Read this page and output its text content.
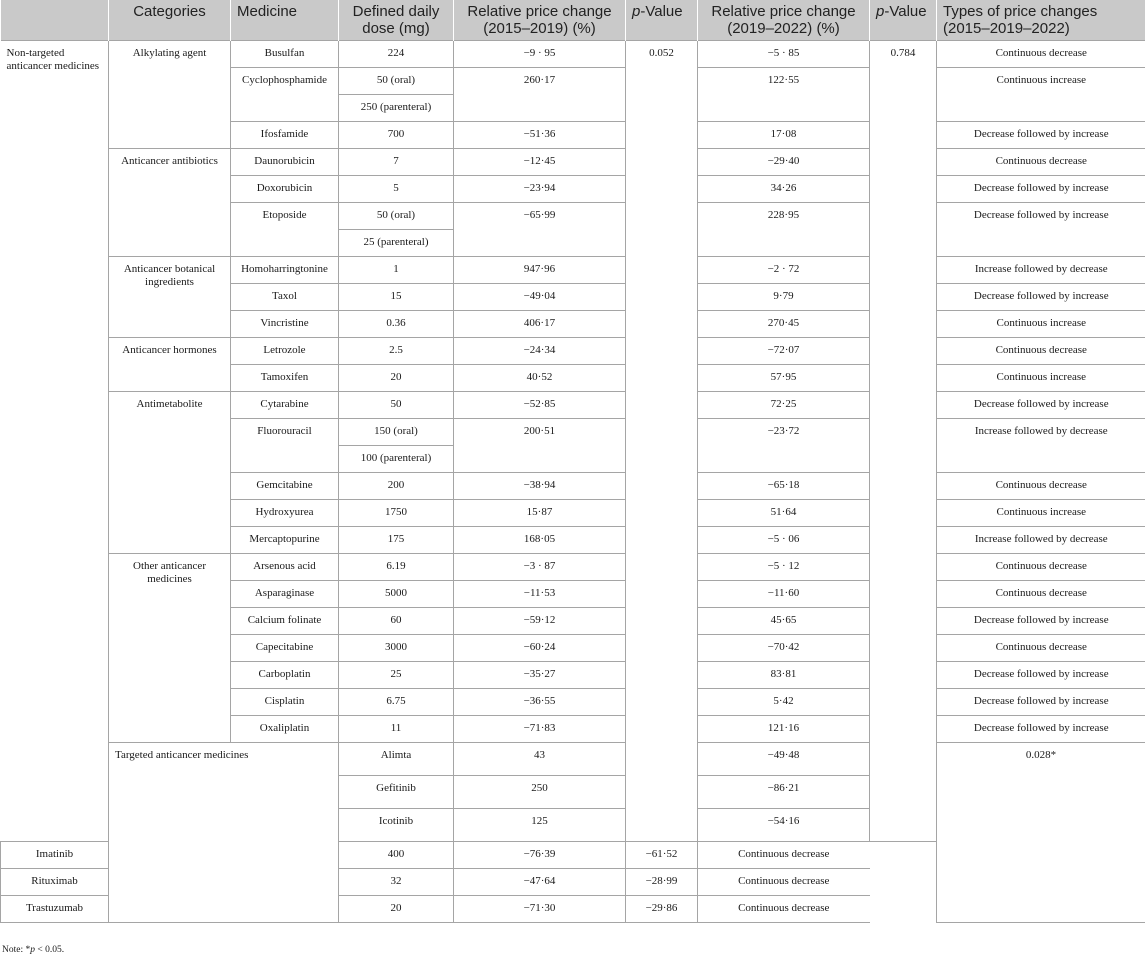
	Categories	Medicine	Defined daily dose (mg)	Relative price change (2015–2019) (%)	p-Value	Relative price change (2019–2022) (%)	p-Value	Types of price changes (2015–2019–2022)	
Non-targeted anticancer medicines	Alkylating agent	Busulfan	224	−9 · 95	0.052	−5 · 85	0.784	Continuous decrease	
		Cyclophosphamide	50 (oral)	260·17		122·55		Continuous increase	
			250 (parenteral)						
		Ifosfamide	700	−51·36		17·08		Decrease followed by increase	
	Anticancer antibiotics	Daunorubicin	7	−12·45		−29·40		Continuous decrease	
		Doxorubicin	5	−23·94		34·26		Decrease followed by increase	
		Etoposide	50 (oral)	−65·99		228·95		Decrease followed by increase	
			25 (parenteral)						
	Anticancer botanical ingredients	Homoharringtonine	1	947·96		−2 · 72		Increase followed by decrease	
		Taxol	15	−49·04		9·79		Decrease followed by increase	
		Vincristine	0.36	406·17		270·45		Continuous increase	
	Anticancer hormones	Letrozole	2.5	−24·34		−72·07		Continuous decrease	
		Tamoxifen	20	40·52		57·95		Continuous increase	
	Antimetabolite	Cytarabine	50	−52·85		72·25		Decrease followed by increase	
		Fluorouracil	150 (oral)	200·51		−23·72		Increase followed by decrease	
			100 (parenteral)						
		Gemcitabine	200	−38·94		−65·18		Continuous decrease	
		Hydroxyurea	1750	15·87		51·64		Continuous increase	
		Mercaptopurine	175	168·05		−5 · 06		Increase followed by decrease	
	Other anticancer medicines	Arsenous acid	6.19	−3 · 87		−5 · 12		Continuous decrease	
		Asparaginase	5000	−11·53		−11·60		Continuous decrease	
		Calcium folinate	60	−59·12		45·65		Decrease followed by increase	
		Capecitabine	3000	−60·24		−70·42		Continuous decrease	
		Carboplatin	25	−35·27		83·81		Decrease followed by increase	
		Cisplatin	6.75	−36·55		5·42		Decrease followed by increase	
		Oxaliplatin	11	−71·83		121·16		Decrease followed by increase	
	Targeted anticancer medicines		Alimta	43		−49·48		0.028*			
			Gefitinib	250		−86·21		
			Icotinib	125		−54·16		
Imatinib			400	−76·39	−61·52	Continuous decrease			
Rituximab			32	−47·64	−28·99	Continuous decrease			
Trastuzumab			20	−71·30	−29·86	Continuous decrease			
Note: *p < 0.05.
